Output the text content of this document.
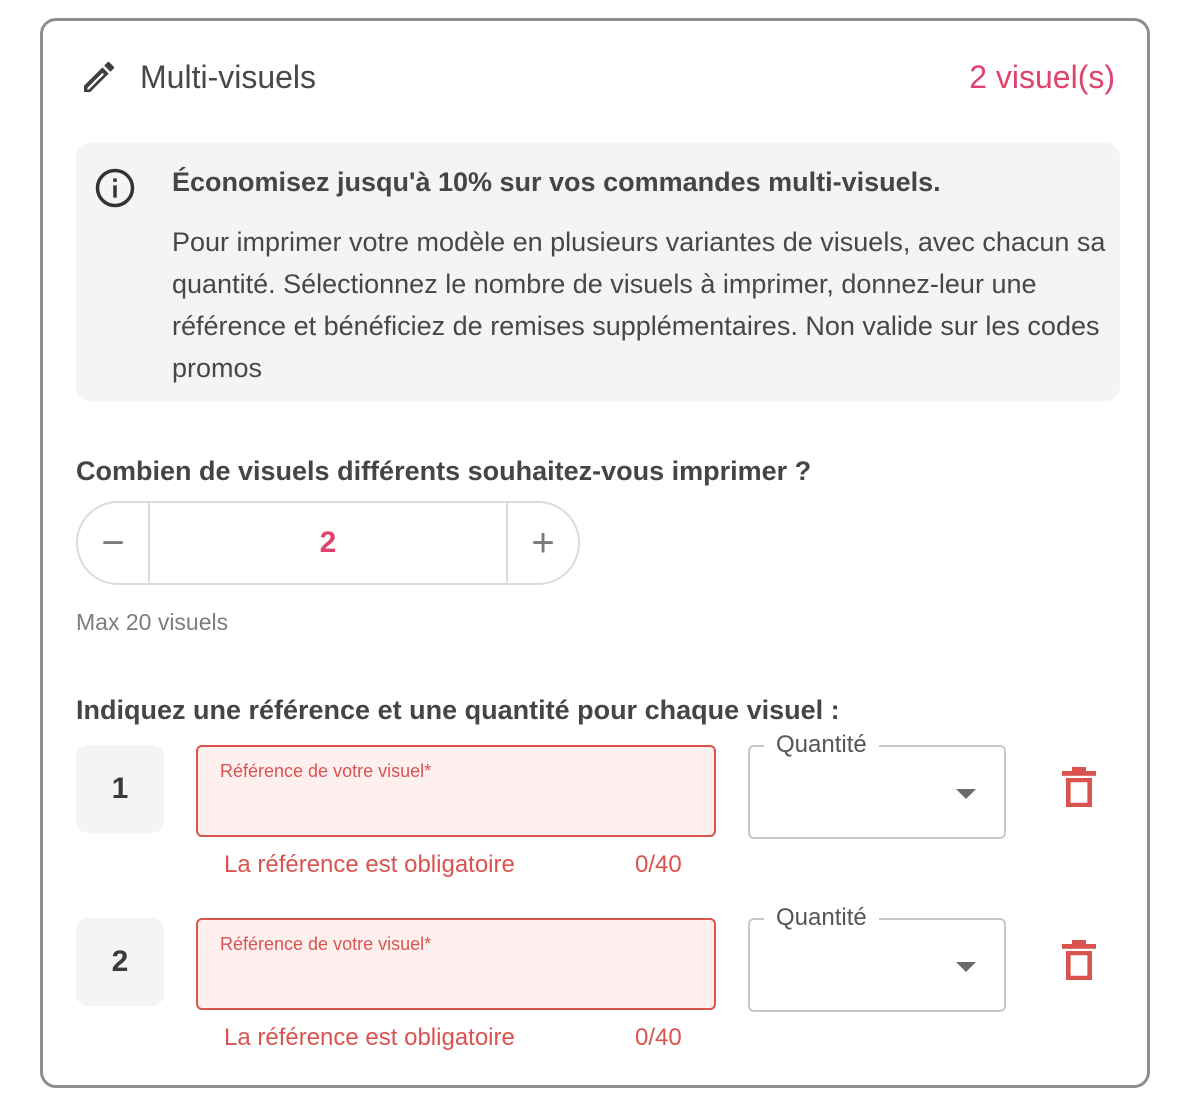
Multi-visuels	2 visuel(s)
Économisez jusqu'à 10% sur vos commandes multi-visuels.
Pour imprimer votre modèle en plusieurs variantes de visuels, avec chacun sa quantité. Sélectionnez le nombre de visuels à imprimer, donnez-leur une référence et bénéficiez de remises supplémentaires. Non valide sur les codes promos
Combien de visuels différents souhaitez-vous imprimer ?
−	2	+
Max 20 visuels
Indiquez une référence et une quantité pour chaque visuel :
1
Référence de votre visuel*
La référence est obligatoire	0/40
Quantité
2
Référence de votre visuel*
La référence est obligatoire	0/40
Quantité
